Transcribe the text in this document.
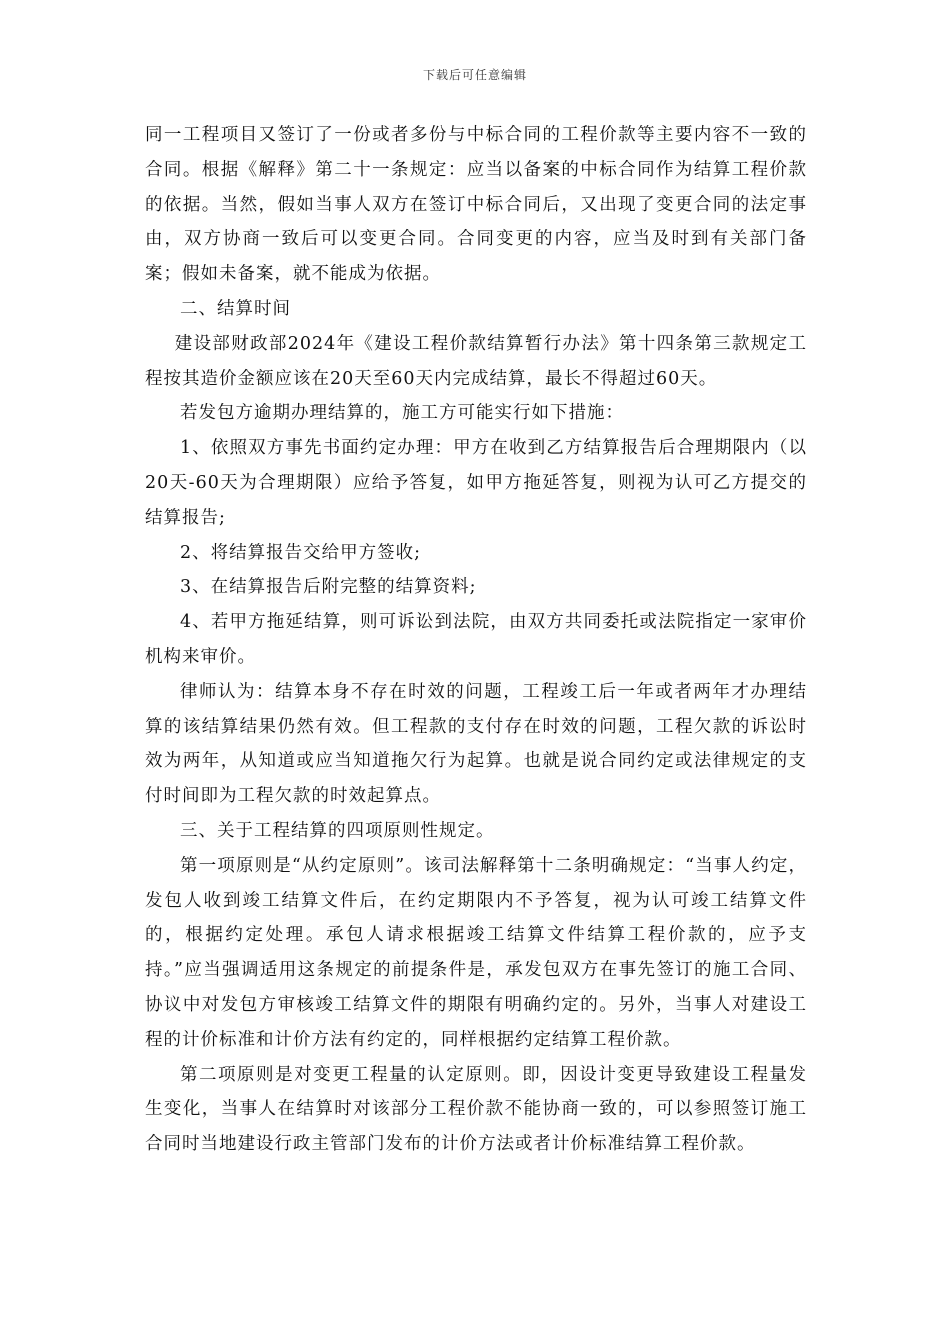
下载后可任意编辑

同一工程项目又签订了一份或者多份与中标合同的工程价款等主要内容不一致的合同。根据《解释》第二十一条规定：应当以备案的中标合同作为结算工程价款的依据。当然，假如当事人双方在签订中标合同后，又出现了变更合同的法定事由，双方协商一致后可以变更合同。合同变更的内容，应当及时到有关部门备案；假如未备案，就不能成为依据。

二、结算时间

建设部财政部2024年《建设工程价款结算暂行办法》第十四条第三款规定工程按其造价金额应该在20天至60天内完成结算，最长不得超过60天。

若发包方逾期办理结算的，施工方可能实行如下措施：

1、依照双方事先书面约定办理：甲方在收到乙方结算报告后合理期限内（以20天-60天为合理期限）应给予答复，如甲方拖延答复，则视为认可乙方提交的结算报告;

2、将结算报告交给甲方签收;

3、在结算报告后附完整的结算资料;

4、若甲方拖延结算，则可诉讼到法院，由双方共同委托或法院指定一家审价机构来审价。

律师认为：结算本身不存在时效的问题，工程竣工后一年或者两年才办理结算的该结算结果仍然有效。但工程款的支付存在时效的问题，工程欠款的诉讼时效为两年，从知道或应当知道拖欠行为起算。也就是说合同约定或法律规定的支付时间即为工程欠款的时效起算点。

三、关于工程结算的四项原则性规定。

第一项原则是“从约定原则”。该司法解释第十二条明确规定：“当事人约定，发包人收到竣工结算文件后，在约定期限内不予答复，视为认可竣工结算文件的，根据约定处理。承包人请求根据竣工结算文件结算工程价款的，应予支持。”应当强调适用这条规定的前提条件是，承发包双方在事先签订的施工合同、协议中对发包方审核竣工结算文件的期限有明确约定的。另外，当事人对建设工程的计价标准和计价方法有约定的，同样根据约定结算工程价款。

第二项原则是对变更工程量的认定原则。即，因设计变更导致建设工程量发生变化，当事人在结算时对该部分工程价款不能协商一致的，可以参照签订施工合同时当地建设行政主管部门发布的计价方法或者计价标准结算工程价款。
